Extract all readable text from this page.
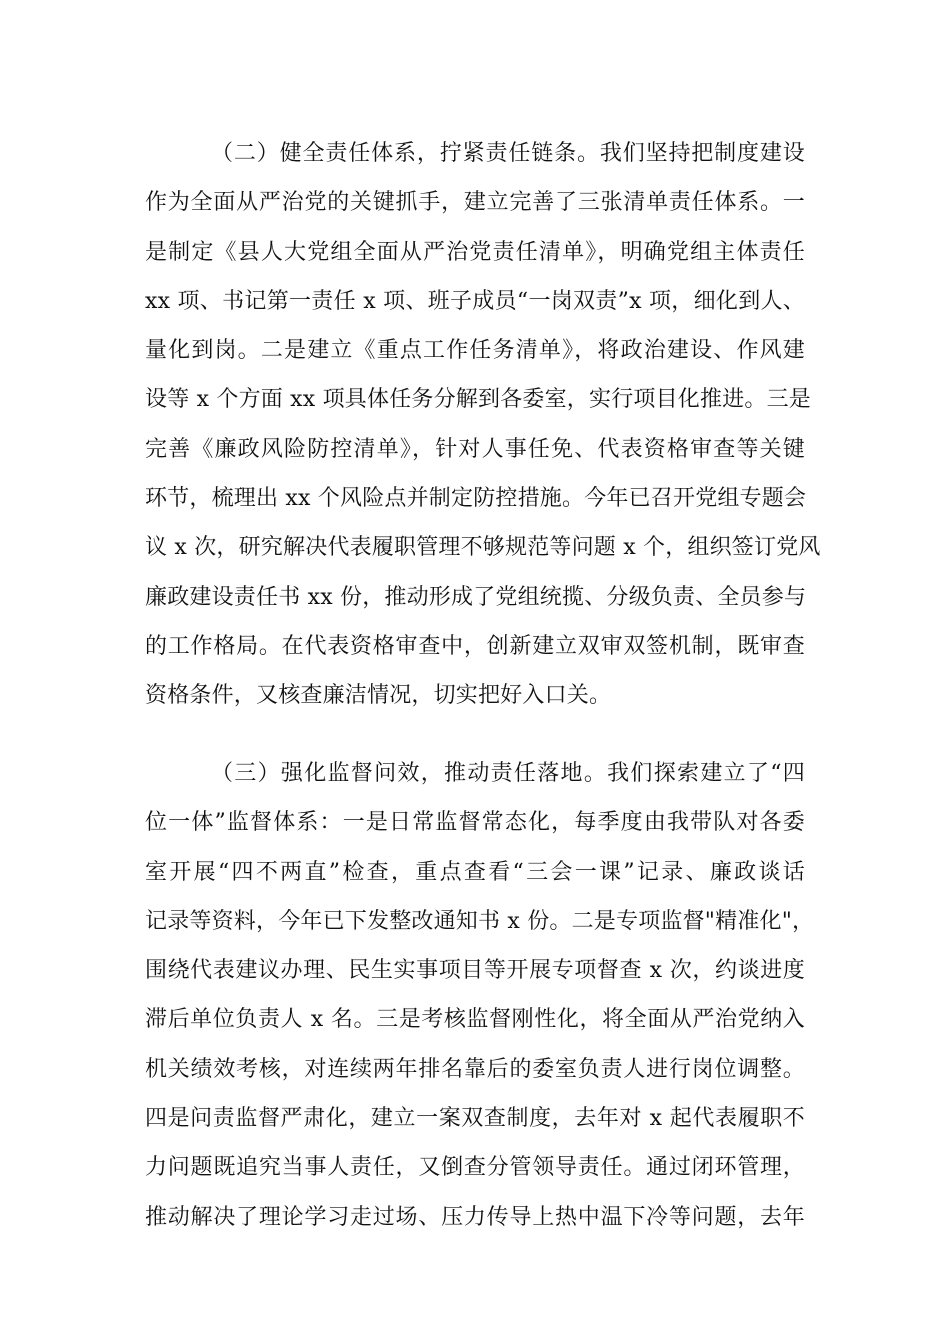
（二）健全责任体系，拧紧责任链条。我们坚持把制度建设
作为全面从严治党的关键抓手，建立完善了三张清单责任体系。一
是制定《县人大党组全面从严治党责任清单》，明确党组主体责任
xx 项、书记第一责任 x 项、班子成员“一岗双责”x 项，细化到人、
量化到岗。二是建立《重点工作任务清单》，将政治建设、作风建
设等 x 个方面 xx 项具体任务分解到各委室，实行项目化推进。三是
完善《廉政风险防控清单》，针对人事任免、代表资格审查等关键
环节，梳理出 xx 个风险点并制定防控措施。今年已召开党组专题会
议 x 次，研究解决代表履职管理不够规范等问题 x 个，组织签订党风
廉政建设责任书 xx 份，推动形成了党组统揽、分级负责、全员参与
的工作格局。在代表资格审查中，创新建立双审双签机制，既审查
资格条件，又核查廉洁情况，切实把好入口关。
（三）强化监督问效，推动责任落地。我们探索建立了“四
位一体”监督体系：一是日常监督常态化，每季度由我带队对各委
室开展“四不两直”检查，重点查看“三会一课”记录、廉政谈话
记录等资料，今年已下发整改通知书 x 份。二是专项监督"精准化"，
围绕代表建议办理、民生实事项目等开展专项督查 x 次，约谈进度
滞后单位负责人 x 名。三是考核监督刚性化，将全面从严治党纳入
机关绩效考核，对连续两年排名靠后的委室负责人进行岗位调整。
四是问责监督严肃化，建立一案双查制度，去年对 x 起代表履职不
力问题既追究当事人责任，又倒查分管领导责任。通过闭环管理，
推动解决了理论学习走过场、压力传导上热中温下冷等问题，去年
